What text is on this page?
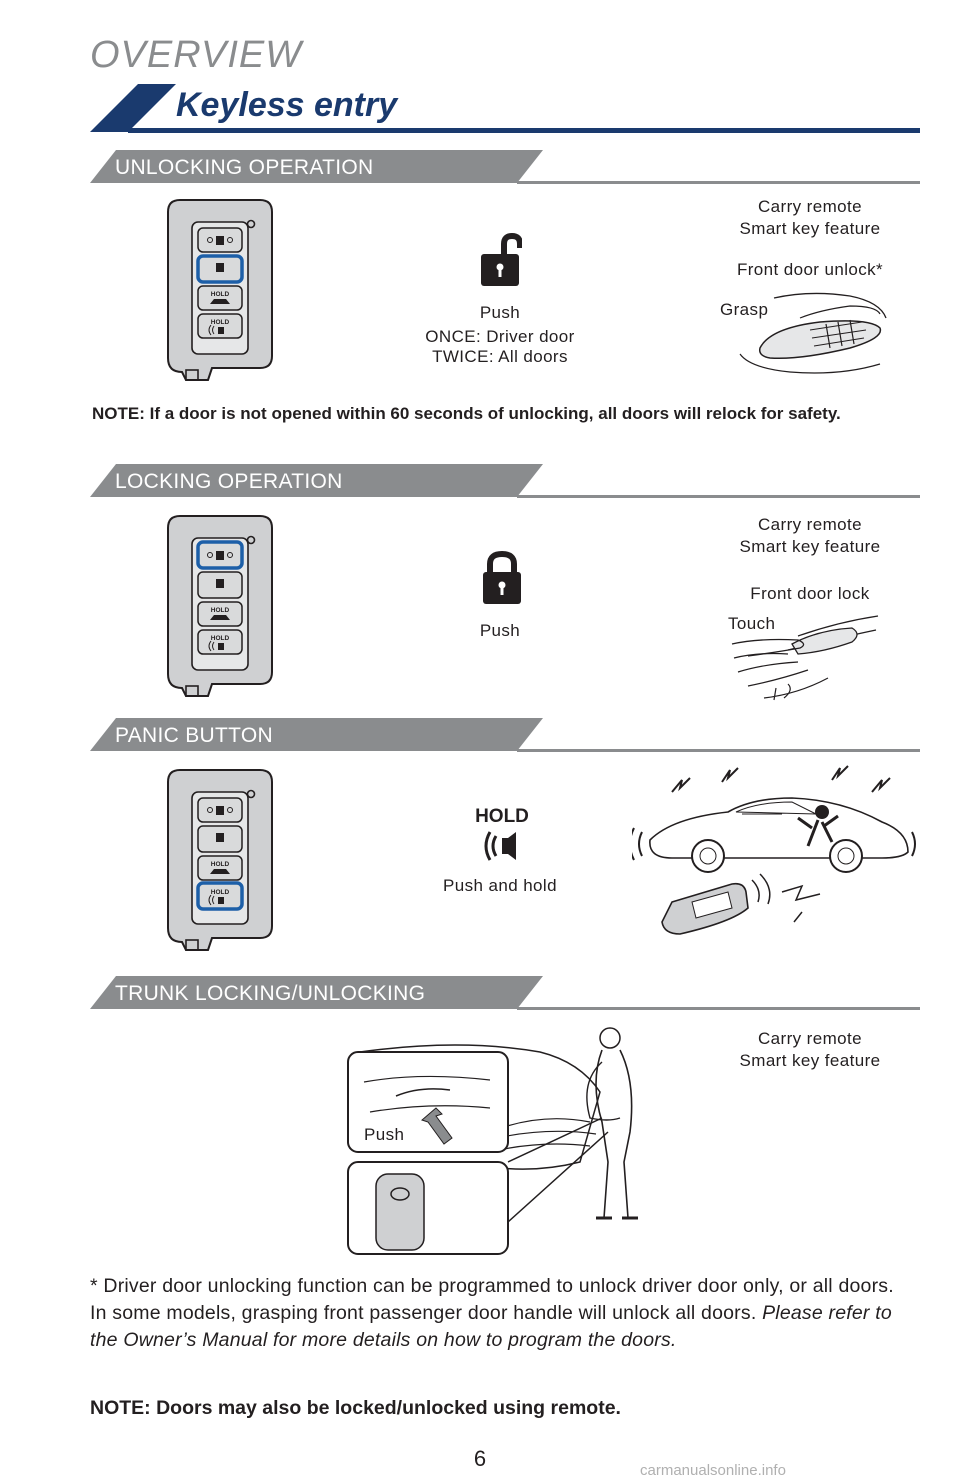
OVERVIEW
Keyless entry
UNLOCKING OPERATION
HOLD
HOLD
Push
ONCE: Driver door
TWICE: All doors
Carry remote
Smart key feature
Front door unlock*
Grasp
NOTE: If a door is not opened within 60 seconds of unlocking, all doors will relock for safety.
LOCKING OPERATION
HOLD
HOLD	Push
Carry remote
Smart key feature
Front door lock
Touch
PANIC BUTTON
HOLD
HOLD
HOLD
Push and hold
TRUNK LOCKING/UNLOCKING
Carry remote
Smart key feature
Push
* Driver door unlocking function can be programmed to unlock driver door only, or all doors. In some models, grasping front passenger door handle will unlock all doors. Please refer to the Owner’s Manual for more details on how to program the doors.
NOTE: Doors may also be locked/unlocked using remote.
6	carmanualsonline.info
